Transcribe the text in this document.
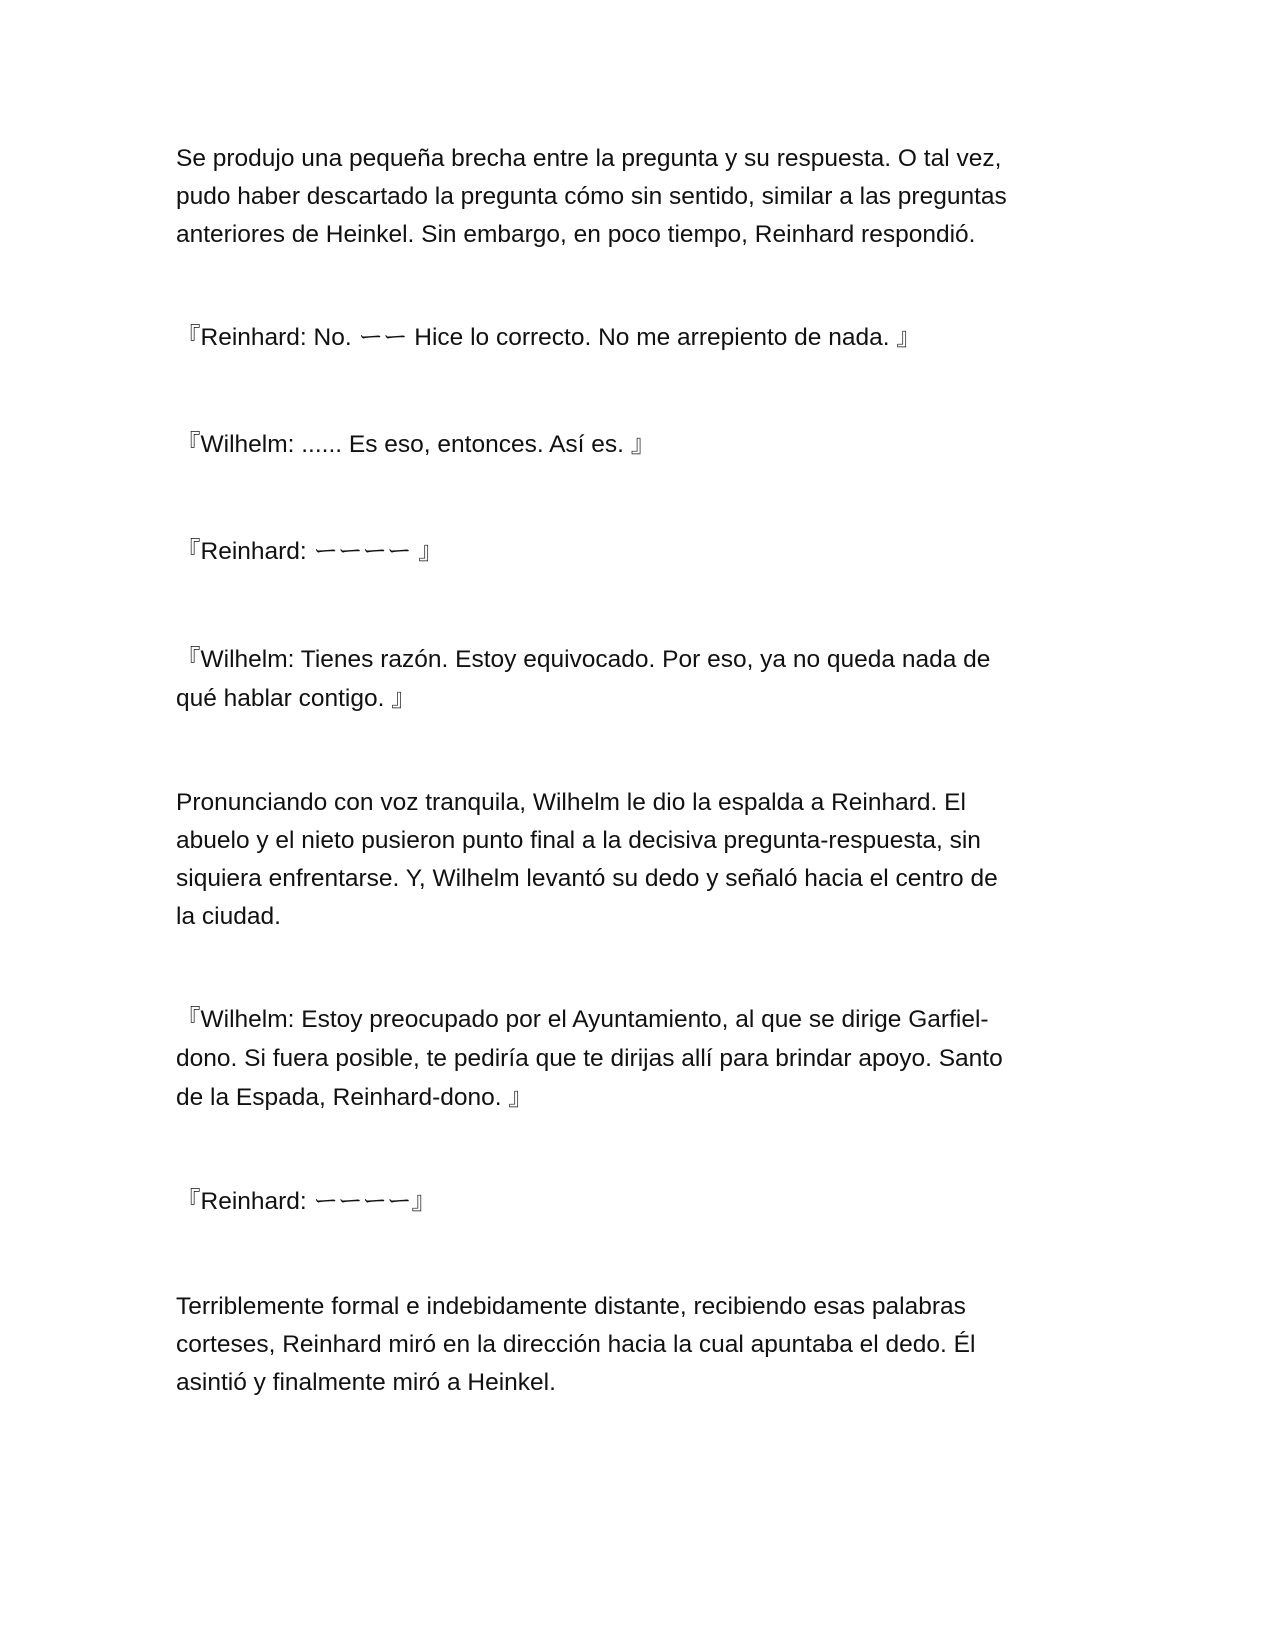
Se produjo una pequeña brecha entre la pregunta y su respuesta. O tal vez,
pudo haber descartado la pregunta cómo sin sentido, similar a las preguntas
anteriores de Heinkel. Sin embargo, en poco tiempo, Reinhard respondió.

『Reinhard: No. ーー Hice lo correcto. No me arrepiento de nada. 』

『Wilhelm: ...... Es eso, entonces. Así es. 』

『Reinhard: ーーーー 』

『Wilhelm: Tienes razón. Estoy equivocado. Por eso, ya no queda nada de
qué hablar contigo. 』

Pronunciando con voz tranquila, Wilhelm le dio la espalda a Reinhard. El
abuelo y el nieto pusieron punto final a la decisiva pregunta-respuesta, sin
siquiera enfrentarse. Y, Wilhelm levantó su dedo y señaló hacia el centro de
la ciudad.

『Wilhelm: Estoy preocupado por el Ayuntamiento, al que se dirige Garfiel-
dono. Si fuera posible, te pediría que te dirijas allí para brindar apoyo. Santo
de la Espada, Reinhard-dono. 』

『Reinhard: ーーーー』

Terriblemente formal e indebidamente distante, recibiendo esas palabras
corteses, Reinhard miró en la dirección hacia la cual apuntaba el dedo. Él
asintió y finalmente miró a Heinkel.
